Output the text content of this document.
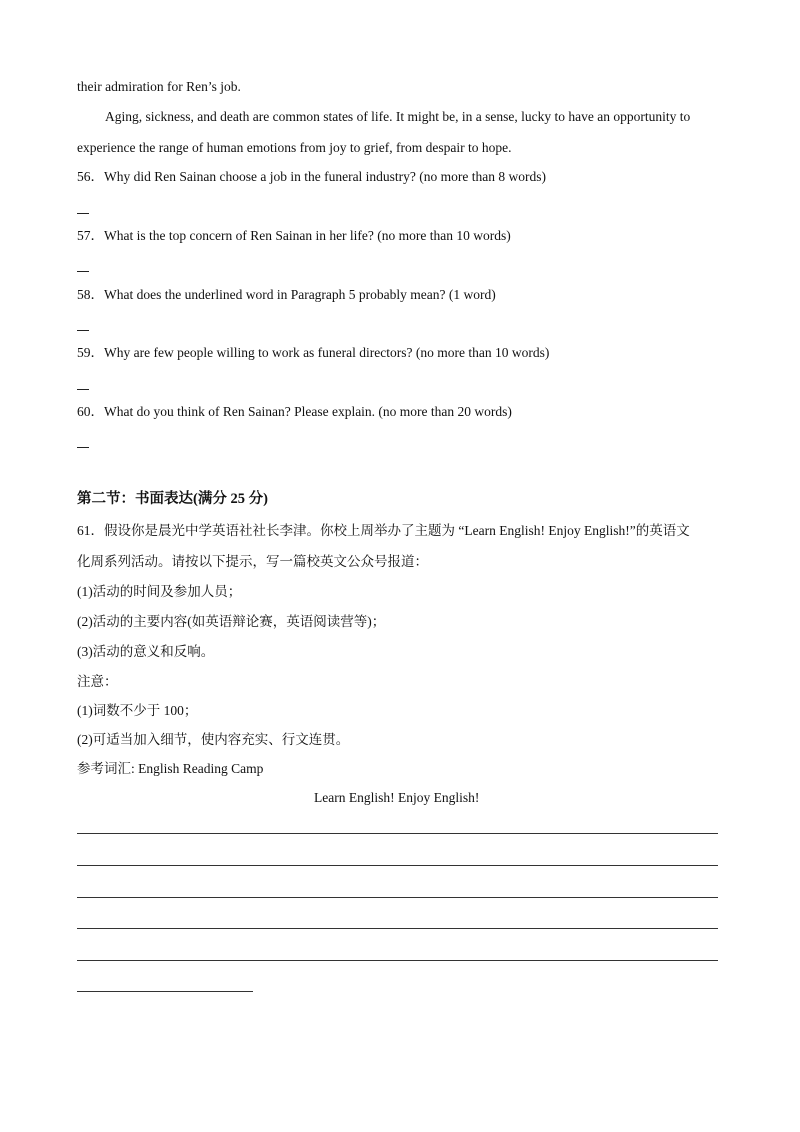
their admiration for Ren’s job.
Aging, sickness, and death are common states of life. It might be, in a sense, lucky to have an opportunity to
experience the range of human emotions from joy to grief, from despair to hope.
56．Why did Ren Sainan choose a job in the funeral industry? (no more than 8 words)
57．What is the top concern of Ren Sainan in her life? (no more than 10 words)
58．What does the underlined word in Paragraph 5 probably mean? (1 word)
59．Why are few people willing to work as funeral directors? (no more than 10 words)
60．What do you think of Ren Sainan? Please explain. (no more than 20 words)
第二节：书面表达(满分 25 分)
61．假设你是晨光中学英语社社长李津。你校上周举办了主题为 “Learn English! Enjoy English!”的英语文
化周系列活动。请按以下提示，写一篇校英文公众号报道：
(1)活动的时间及参加人员；
(2)活动的主要内容(如英语辩论赛，英语阅读营等)；
(3)活动的意义和反响。
注意：
(1)词数不少于 100；
(2)可适当加入细节，使内容充实、行文连贯。
参考词汇: English Reading Camp
Learn English! Enjoy English!
